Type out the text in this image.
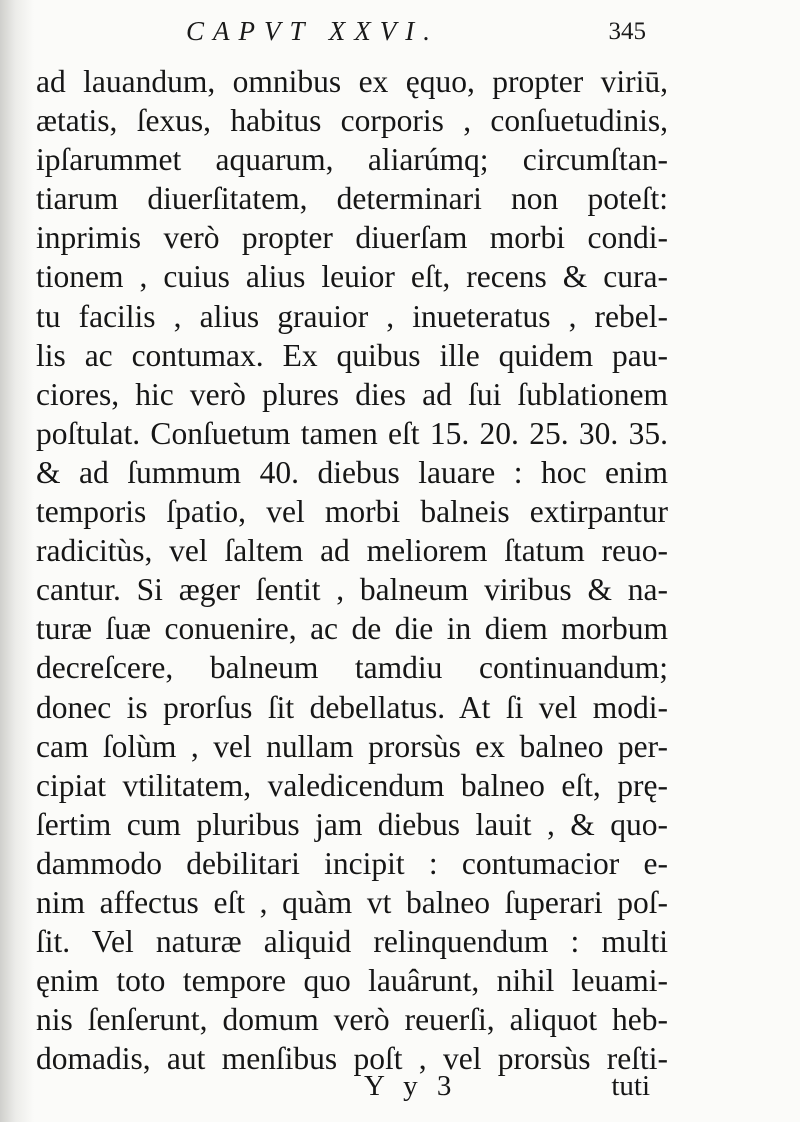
CAPVT XXVI.	345
ad lauandum, omnibus ex ęquo, propter viriū,
ætatis, ſexus, habitus corporis , conſuetudinis,
ipſarummet aquarum, aliarúmq; circumſtan-
tiarum diuerſitatem, determinari non poteſt:
inprimis verò propter diuerſam morbi condi-
tionem , cuius alius leuior eſt, recens & cura-
tu facilis , alius grauior , inueteratus , rebel-
lis ac contumax. Ex quibus ille quidem pau-
ciores, hic verò plures dies ad ſui ſublationem
poſtulat. Conſuetum tamen eſt 15. 20. 25. 30. 35.
& ad ſummum 40. diebus lauare : hoc enim
temporis ſpatio, vel morbi balneis extirpantur
radicitùs, vel ſaltem ad meliorem ſtatum reuo-
cantur. Si æger ſentit , balneum viribus & na-
turæ ſuæ conuenire, ac de die in diem morbum
decreſcere, balneum tamdiu continuandum;
donec is prorſus ſit debellatus. At ſi vel modi-
cam ſolùm , vel nullam prorsùs ex balneo per-
cipiat vtilitatem, valedicendum balneo eſt, prę-
ſertim cum pluribus jam diebus lauit , & quo-
dammodo debilitari incipit : contumacior e-
nim affectus eſt , quàm vt balneo ſuperari poſ-
ſit. Vel naturæ aliquid relinquendum : multi
ęnim toto tempore quo lauârunt, nihil leuami-
nis ſenſerunt, domum verò reuerſi, aliquot heb-
domadis, aut menſibus poſt , vel prorsùs reſti-
Y y 3	tuti
